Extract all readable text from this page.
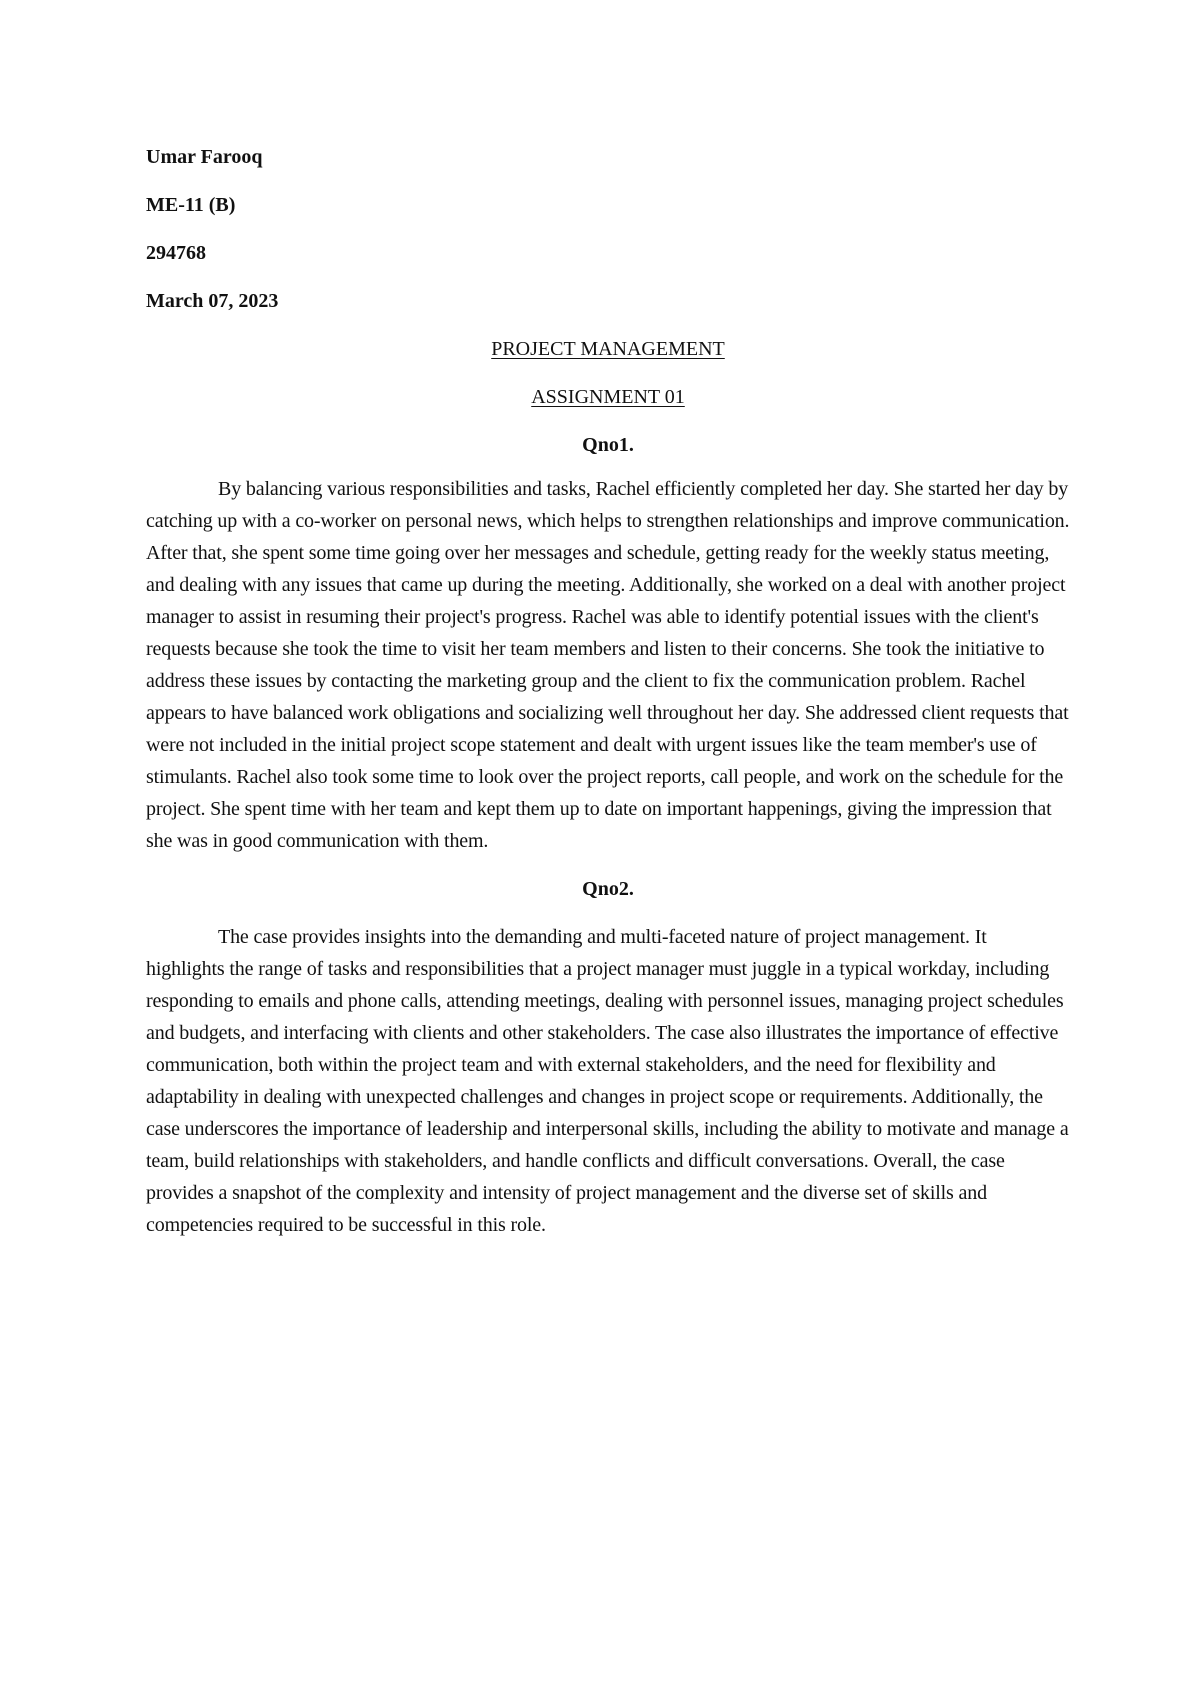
Umar Farooq

ME-11 (B)

294768

March 07, 2023

PROJECT MANAGEMENT

ASSIGNMENT 01

Qno1.

By balancing various responsibilities and tasks, Rachel efficiently completed her day. She started her day by catching up with a co-worker on personal news, which helps to strengthen relationships and improve communication. After that, she spent some time going over her messages and schedule, getting ready for the weekly status meeting, and dealing with any issues that came up during the meeting. Additionally, she worked on a deal with another project manager to assist in resuming their project's progress. Rachel was able to identify potential issues with the client's requests because she took the time to visit her team members and listen to their concerns. She took the initiative to address these issues by contacting the marketing group and the client to fix the communication problem. Rachel appears to have balanced work obligations and socializing well throughout her day. She addressed client requests that were not included in the initial project scope statement and dealt with urgent issues like the team member's use of stimulants. Rachel also took some time to look over the project reports, call people, and work on the schedule for the project. She spent time with her team and kept them up to date on important happenings, giving the impression that she was in good communication with them.

Qno2.

The case provides insights into the demanding and multi-faceted nature of project management. It highlights the range of tasks and responsibilities that a project manager must juggle in a typical workday, including responding to emails and phone calls, attending meetings, dealing with personnel issues, managing project schedules and budgets, and interfacing with clients and other stakeholders. The case also illustrates the importance of effective communication, both within the project team and with external stakeholders, and the need for flexibility and adaptability in dealing with unexpected challenges and changes in project scope or requirements. Additionally, the case underscores the importance of leadership and interpersonal skills, including the ability to motivate and manage a team, build relationships with stakeholders, and handle conflicts and difficult conversations. Overall, the case provides a snapshot of the complexity and intensity of project management and the diverse set of skills and competencies required to be successful in this role.
